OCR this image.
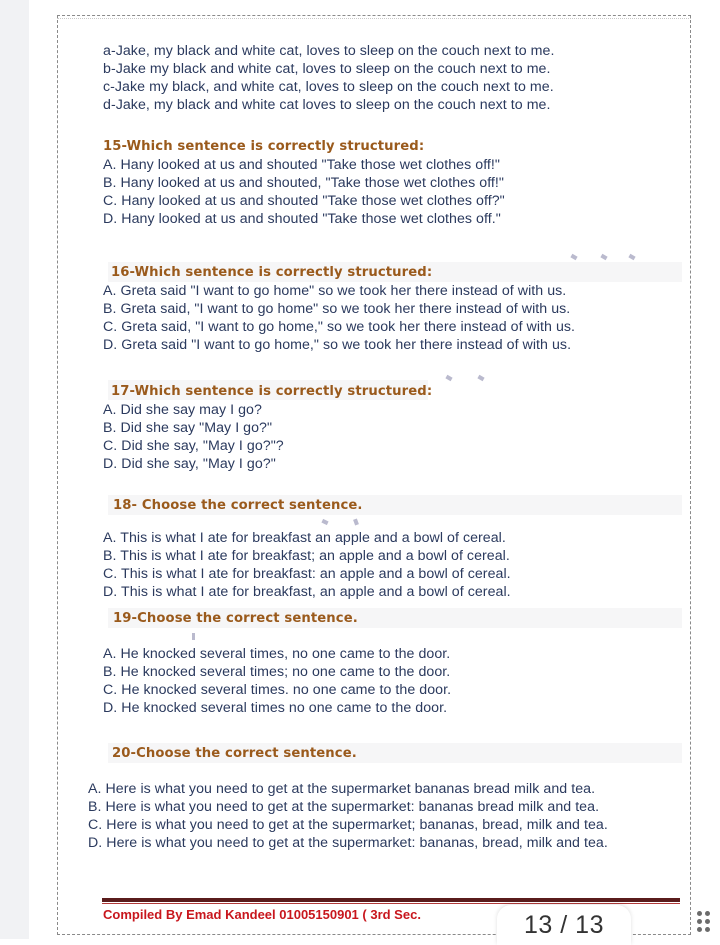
a-Jake, my black and white cat, loves to sleep on the couch next to me.
b-Jake my black and white cat, loves to sleep on the couch next to me.
c-Jake my black, and white cat, loves to sleep on the couch next to me.
d-Jake, my black and white cat loves to sleep on the couch next to me.
15-Which sentence is correctly structured:
A. Hany looked at us and shouted "Take those wet clothes off!"
B. Hany looked at us and shouted, "Take those wet clothes off!"
C. Hany looked at us and shouted "Take those wet clothes off?"
D. Hany looked at us and shouted "Take those wet clothes off."
16-Which sentence is correctly structured:
A. Greta said "I want to go home" so we took her there instead of with us.
B. Greta said, "I want to go home" so we took her there instead of with us.
C. Greta said, "I want to go home," so we took her there instead of with us.
D. Greta said "I want to go home," so we took her there instead of with us.
17-Which sentence is correctly structured:
A. Did she say may I go?
B. Did she say "May I go?"
C. Did she say, "May I go?"?
D. Did she say, "May I go?"
18- Choose the correct sentence.
A. This is what I ate for breakfast an apple and a bowl of cereal.
B. This is what I ate for breakfast; an apple and a bowl of cereal.
C. This is what I ate for breakfast: an apple and a bowl of cereal.
D. This is what I ate for breakfast, an apple and a bowl of cereal.
19-Choose the correct sentence.
A. He knocked several times, no one came to the door.
B. He knocked several times; no one came to the door.
C. He knocked several times. no one came to the door.
D. He knocked several times no one came to the door.
20-Choose the correct sentence.
A. Here is what you need to get at the supermarket bananas bread milk and tea.
B. Here is what you need to get at the supermarket: bananas bread milk and tea.
C. Here is what you need to get at the supermarket; bananas, bread, milk and tea.
D. Here is what you need to get at the supermarket: bananas, bread, milk and tea.
Compiled By Emad Kandeel 01005150901 ( 3rd Sec.	13 / 13
